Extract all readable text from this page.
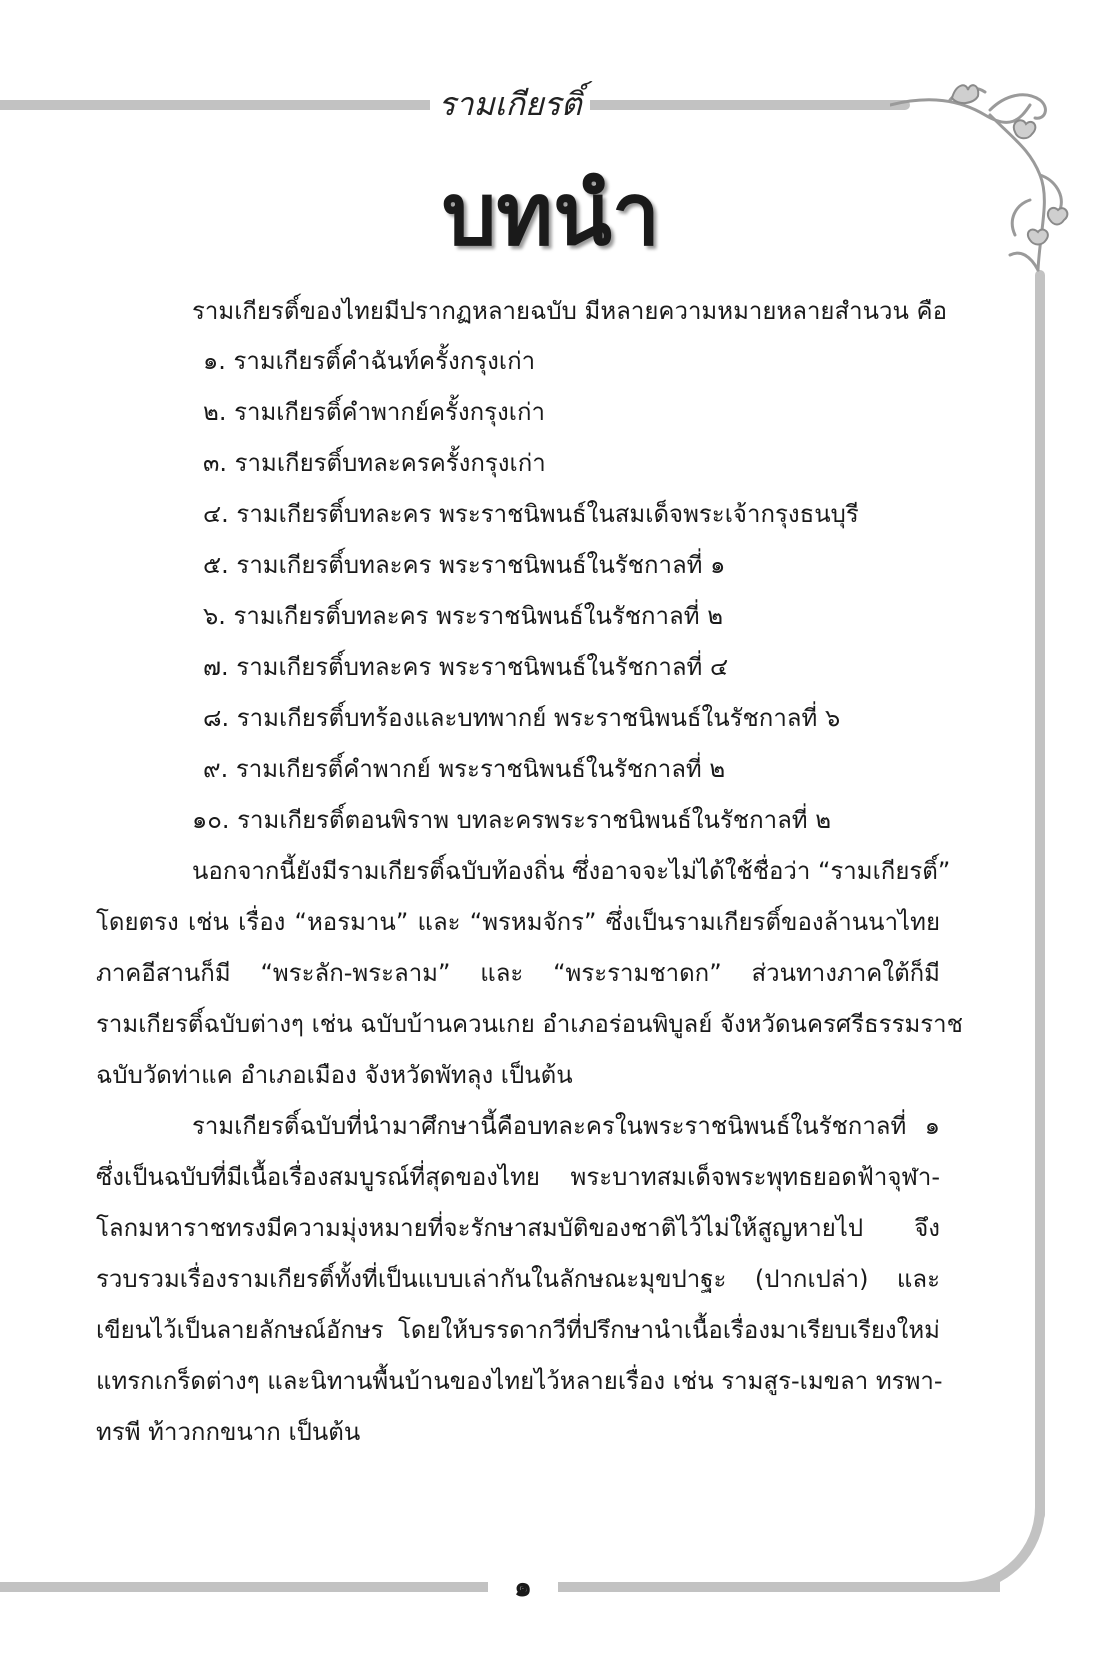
รามเกียรติ์
บทนำ
รามเกียรติ์ของไทยมีปรากฏหลายฉบับ มีหลายความหมายหลายสำนวน คือ
๑. รามเกียรติ์คำฉันท์ครั้งกรุงเก่า
๒. รามเกียรติ์คำพากย์ครั้งกรุงเก่า
๓. รามเกียรติ์บทละครครั้งกรุงเก่า
๔. รามเกียรติ์บทละคร พระราชนิพนธ์ในสมเด็จพระเจ้ากรุงธนบุรี
๕. รามเกียรติ์บทละคร พระราชนิพนธ์ในรัชกาลที่ ๑
๖. รามเกียรติ์บทละคร พระราชนิพนธ์ในรัชกาลที่ ๒
๗. รามเกียรติ์บทละคร พระราชนิพนธ์ในรัชกาลที่ ๔
๘. รามเกียรติ์บทร้องและบทพากย์ พระราชนิพนธ์ในรัชกาลที่ ๖
๙. รามเกียรติ์คำพากย์ พระราชนิพนธ์ในรัชกาลที่ ๒
๑๐. รามเกียรติ์ตอนพิราพ บทละครพระราชนิพนธ์ในรัชกาลที่ ๒
นอกจากนี้ยังมีรามเกียรติ์ฉบับท้องถิ่น ซึ่งอาจจะไม่ได้ใช้ชื่อว่า “รามเกียรติ์”
โดยตรง เช่น เรื่อง “หอรมาน” และ “พรหมจักร” ซึ่งเป็นรามเกียรติ์ของล้านนาไทย
ภาคอีสานก็มี “พระลัก-พระลาม” และ “พระรามชาดก” ส่วนทางภาคใต้ก็มี
รามเกียรติ์ฉบับต่างๆ เช่น ฉบับบ้านควนเกย อำเภอร่อนพิบูลย์ จังหวัดนครศรีธรรมราช
ฉบับวัดท่าแค อำเภอเมือง จังหวัดพัทลุง เป็นต้น
รามเกียรติ์ฉบับที่นำมาศึกษานี้คือบทละครในพระราชนิพนธ์ในรัชกาลที่ ๑
ซึ่งเป็นฉบับที่มีเนื้อเรื่องสมบูรณ์ที่สุดของไทย พระบาทสมเด็จพระพุทธยอดฟ้าจุฬา-
โลกมหาราชทรงมีความมุ่งหมายที่จะรักษาสมบัติของชาติไว้ไม่ให้สูญหายไป จึง
รวบรวมเรื่องรามเกียรติ์ทั้งที่เป็นแบบเล่ากันในลักษณะมุขปาฐะ (ปากเปล่า) และ
เขียนไว้เป็นลายลักษณ์อักษร โดยให้บรรดากวีที่ปรึกษานำเนื้อเรื่องมาเรียบเรียงใหม่
แทรกเกร็ดต่างๆ และนิทานพื้นบ้านของไทยไว้หลายเรื่อง เช่น รามสูร-เมขลา ทรพา-
ทรพี ท้าวกกขนาก เป็นต้น
๑
